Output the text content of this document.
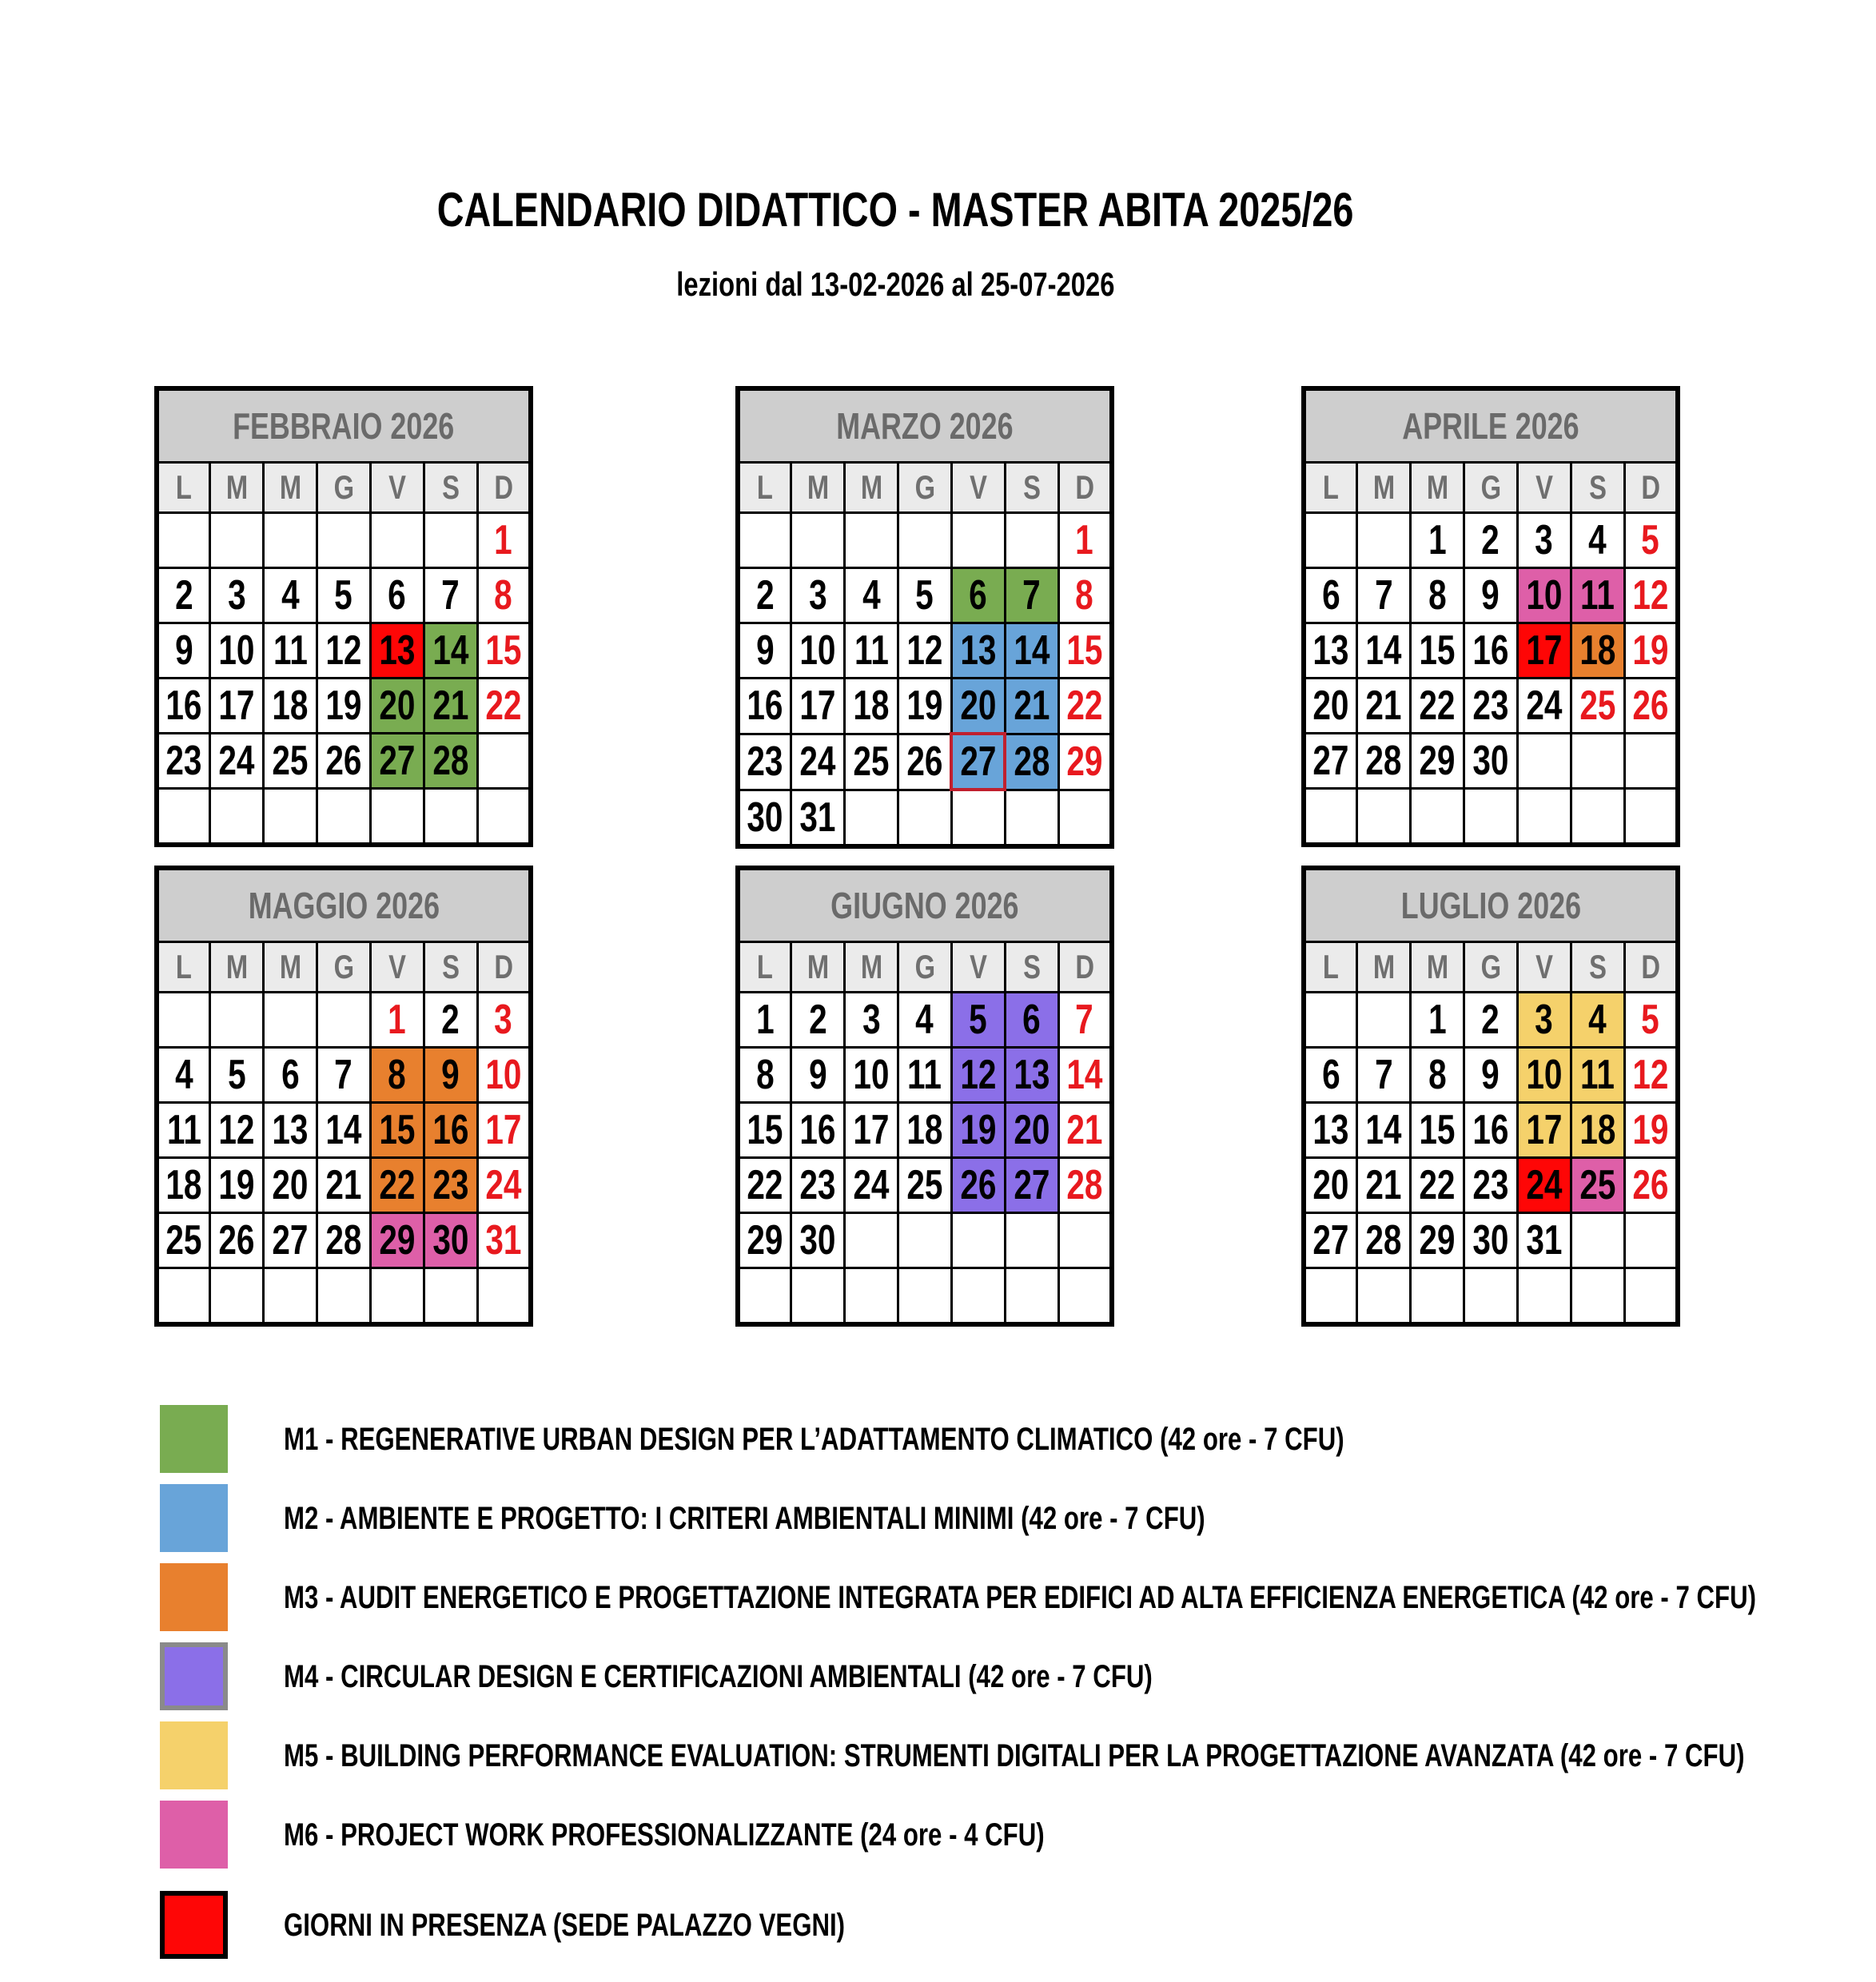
CALENDARIO DIDATTICO - MASTER ABITA 2025/26
lezioni dal 13-02-2026 al 25-07-2026
FEBBRAIO 2026						
L	M	M	G	V	S	D
						1
2	3	4	5	6	7	8
9	10	11	12	13	14	15
16	17	18	19	20	21	22
23	24	25	26	27	28	

MARZO 2026						
L	M	M	G	V	S	D
						1
2	3	4	5	6	7	8
9	10	11	12	13	14	15
16	17	18	19	20	21	22
23	24	25	26	27	28	29
30	31					
APRILE 2026						
L	M	M	G	V	S	D
		1	2	3	4	5
6	7	8	9	10	11	12
13	14	15	16	17	18	19
20	21	22	23	24	25	26
27	28	29	30			

MAGGIO 2026						
L	M	M	G	V	S	D
				1	2	3
4	5	6	7	8	9	10
11	12	13	14	15	16	17
18	19	20	21	22	23	24
25	26	27	28	29	30	31

GIUGNO 2026						
L	M	M	G	V	S	D
1	2	3	4	5	6	7
8	9	10	11	12	13	14
15	16	17	18	19	20	21
22	23	24	25	26	27	28
29	30					

LUGLIO 2026						
L	M	M	G	V	S	D
		1	2	3	4	5
6	7	8	9	10	11	12
13	14	15	16	17	18	19
20	21	22	23	24	25	26
27	28	29	30	31		

M1 - REGENERATIVE URBAN DESIGN PER L’ADATTAMENTO CLIMATICO (42 ore - 7 CFU)
M2 - AMBIENTE E PROGETTO: I CRITERI AMBIENTALI MINIMI (42 ore - 7 CFU)
M3 - AUDIT ENERGETICO E PROGETTAZIONE INTEGRATA PER EDIFICI AD ALTA EFFICIENZA ENERGETICA (42 ore - 7 CFU)
M4 - CIRCULAR DESIGN E CERTIFICAZIONI AMBIENTALI (42 ore - 7 CFU)
M5 - BUILDING PERFORMANCE EVALUATION: STRUMENTI DIGITALI PER LA PROGETTAZIONE AVANZATA (42 ore - 7 CFU)
M6 - PROJECT WORK PROFESSIONALIZZANTE (24 ore - 4 CFU)
GIORNI IN PRESENZA (SEDE PALAZZO VEGNI)
